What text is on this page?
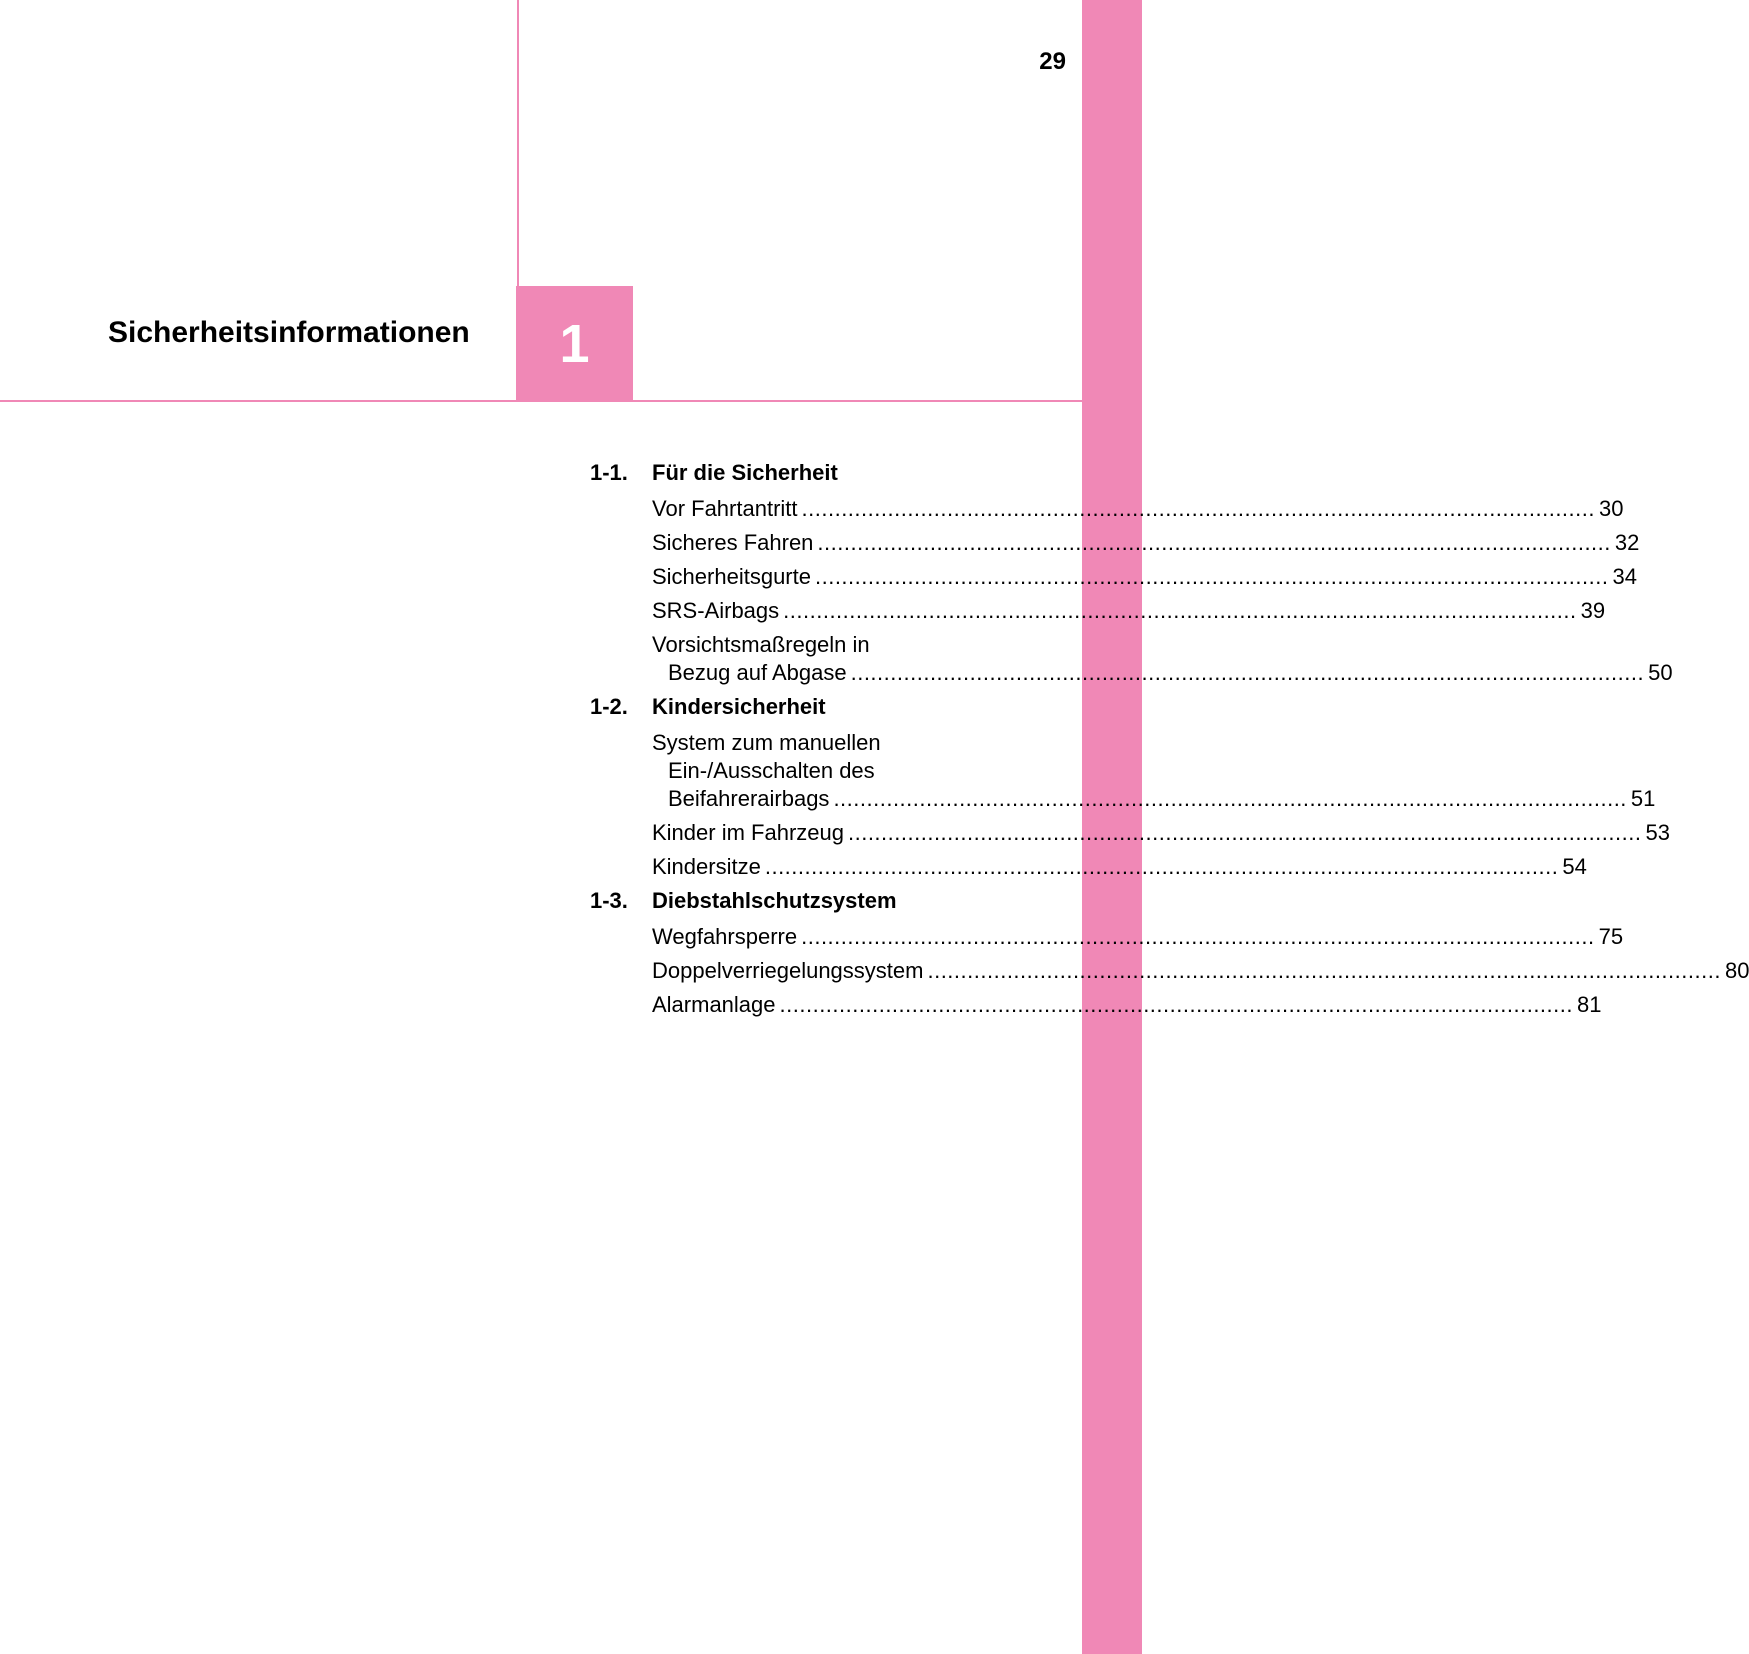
29
Sicherheitsinformationen 1
1-1.	Für die Sicherheit
Vor Fahrtantritt ........................................................................................................................ 30
Sicheres Fahren ........................................................................................................................ 32
Sicherheitsgurte ........................................................................................................................ 34
SRS-Airbags ........................................................................................................................ 39
Vorsichtsmaßregeln in
Bezug auf Abgase ........................................................................................................................ 50
1-2.	Kindersicherheit
System zum manuellen
Ein-/Ausschalten des
Beifahrerairbags ........................................................................................................................ 51
Kinder im Fahrzeug ........................................................................................................................ 53
Kindersitze ........................................................................................................................ 54
1-3.	Diebstahlschutzsystem
Wegfahrsperre ........................................................................................................................ 75
Doppelverriegelungssystem ........................................................................................................................ 80
Alarmanlage ........................................................................................................................ 81
